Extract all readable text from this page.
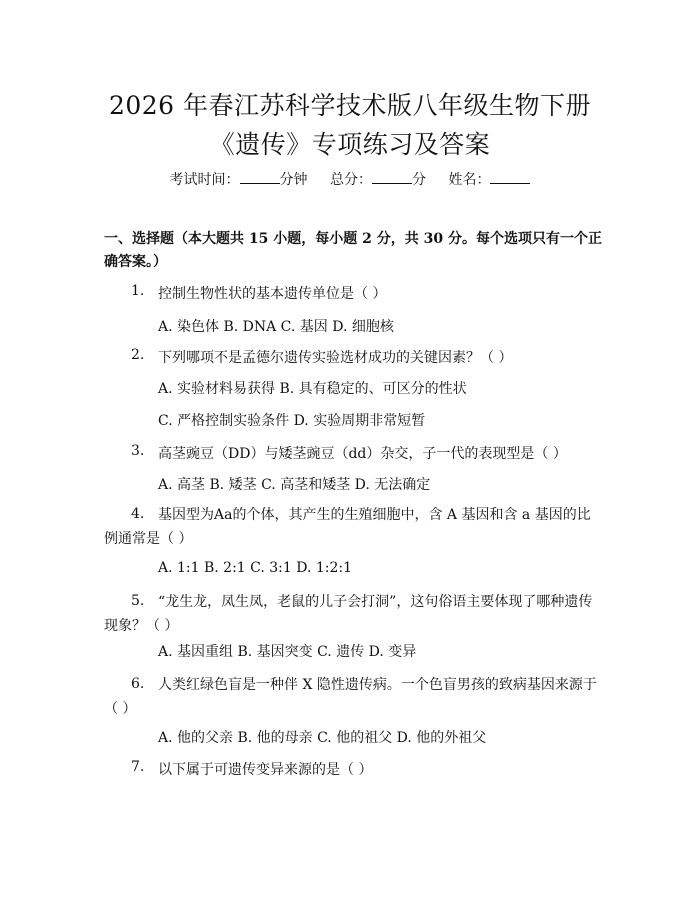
2026 年春江苏科学技术版八年级生物下册
《遗传》专项练习及答案
考试时间：	分钟 总分：	分 姓名：
一、选择题（本大题共 15 小题，每小题 2 分，共 30 分。每个选项只有一个正确答案。）
1. 控制生物性状的基本遗传单位是（ ）
A. 染色体 B. DNA C. 基因 D. 细胞核
2. 下列哪项不是孟德尔遗传实验选材成功的关键因素？（ ）
A. 实验材料易获得 B. 具有稳定的、可区分的性状
C. 严格控制实验条件 D. 实验周期非常短暂
3. 高茎豌豆（DD）与矮茎豌豆（dd）杂交，子一代的表现型是（ ）
A. 高茎 B. 矮茎 C. 高茎和矮茎 D. 无法确定
4. 基因型为Aa的个体，其产生的生殖细胞中，含 A 基因和含 a 基因的比例通常是（ ）
A. 1:1 B. 2:1 C. 3:1 D. 1:2:1
5. “龙生龙，凤生凤，老鼠的儿子会打洞”，这句俗语主要体现了哪种遗传现象？（ ）
A. 基因重组 B. 基因突变 C. 遗传 D. 变异
6. 人类红绿色盲是一种伴 X 隐性遗传病。一个色盲男孩的致病基因来源于（ ）
A. 他的父亲 B. 他的母亲 C. 他的祖父 D. 他的外祖父
7. 以下属于可遗传变异来源的是（ ）
